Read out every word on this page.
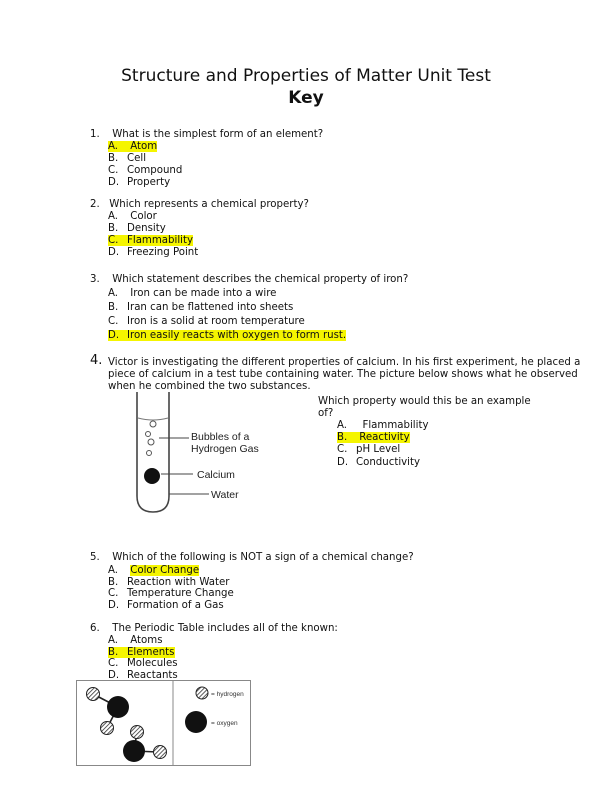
Structure and Properties of Matter Unit Test
Key
1. What is the simplest form of an element?
A. Atom
B. Cell
C. Compound
D. Property
2. Which represents a chemical property?
A. Color
B. Density
C. Flammability
D. Freezing Point
3. Which statement describes the chemical property of iron?
A. Iron can be made into a wire
B. Iran can be flattened into sheets
C. Iron is a solid at room temperature
D. Iron easily reacts with oxygen to form rust.
4. Victor is investigating the different properties of calcium. In his first experiment, he placed a
piece of calcium in a test tube containing water. The picture below shows what he observed
when he combined the two substances.
Which property would this be an example
of?
A. Flammability
B. Reactivity
C. pH Level
D. Conductivity
Bubbles of a
Hydrogen Gas
Calcium
Water
5. Which of the following is NOT a sign of a chemical change?
A. Color Change
B. Reaction with Water
C. Temperature Change
D. Formation of a Gas
6. The Periodic Table includes all of the known:
A. Atoms
B. Elements
C. Molecules
D. Reactants
= hydrogen
= oxygen
